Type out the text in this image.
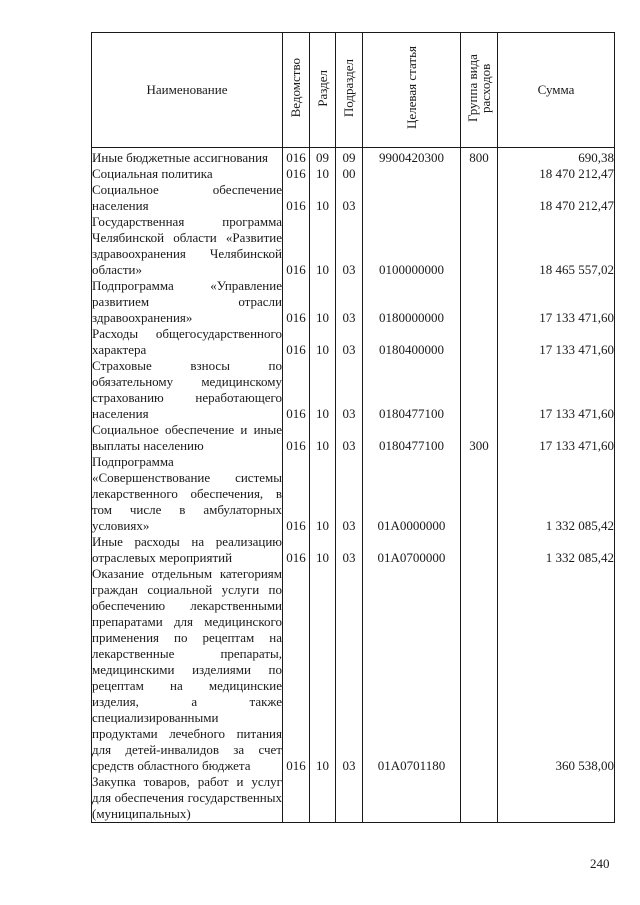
Наименование	Ведомство	Раздел	Подраздел	Целевая статья	Группа вида расходов	Сумма
Иные бюджетные ассигнования	016	09	09	9900420300	800	690,38
Социальная политика	016	10	00			18 470 212,47
Социальное обеспечение населения	016	10	03			18 470 212,47
Государственная программа Челябинской области «Развитие здравоохранения Челябинской области»	016	10	03	0100000000		18 465 557,02
Подпрограмма «Управление развитием отрасли здравоохранения»	016	10	03	0180000000		17 133 471,60
Расходы общегосударственного характера	016	10	03	0180400000		17 133 471,60
Страховые взносы по обязательному медицинскому страхованию неработающего населения	016	10	03	0180477100		17 133 471,60
Социальное обеспечение и иные выплаты населению	016	10	03	0180477100	300	17 133 471,60
Подпрограмма «Совершенствование системы лекарственного обеспечения, в том числе в амбулаторных условиях»	016	10	03	01А0000000		1 332 085,42
Иные расходы на реализацию отраслевых мероприятий	016	10	03	01А0700000		1 332 085,42
Оказание отдельным категориям граждан социальной услуги по обеспечению лекарственными препаратами для медицинского применения по рецептам на лекарственные препараты, медицинскими изделиями по рецептам на медицинские изделия, а также специализированными продуктами лечебного питания для детей-инвалидов за счет средств областного бюджета	016	10	03	01А0701180		360 538,00
Закупка товаров, работ и услуг для обеспечения государственных (муниципальных)						
240
